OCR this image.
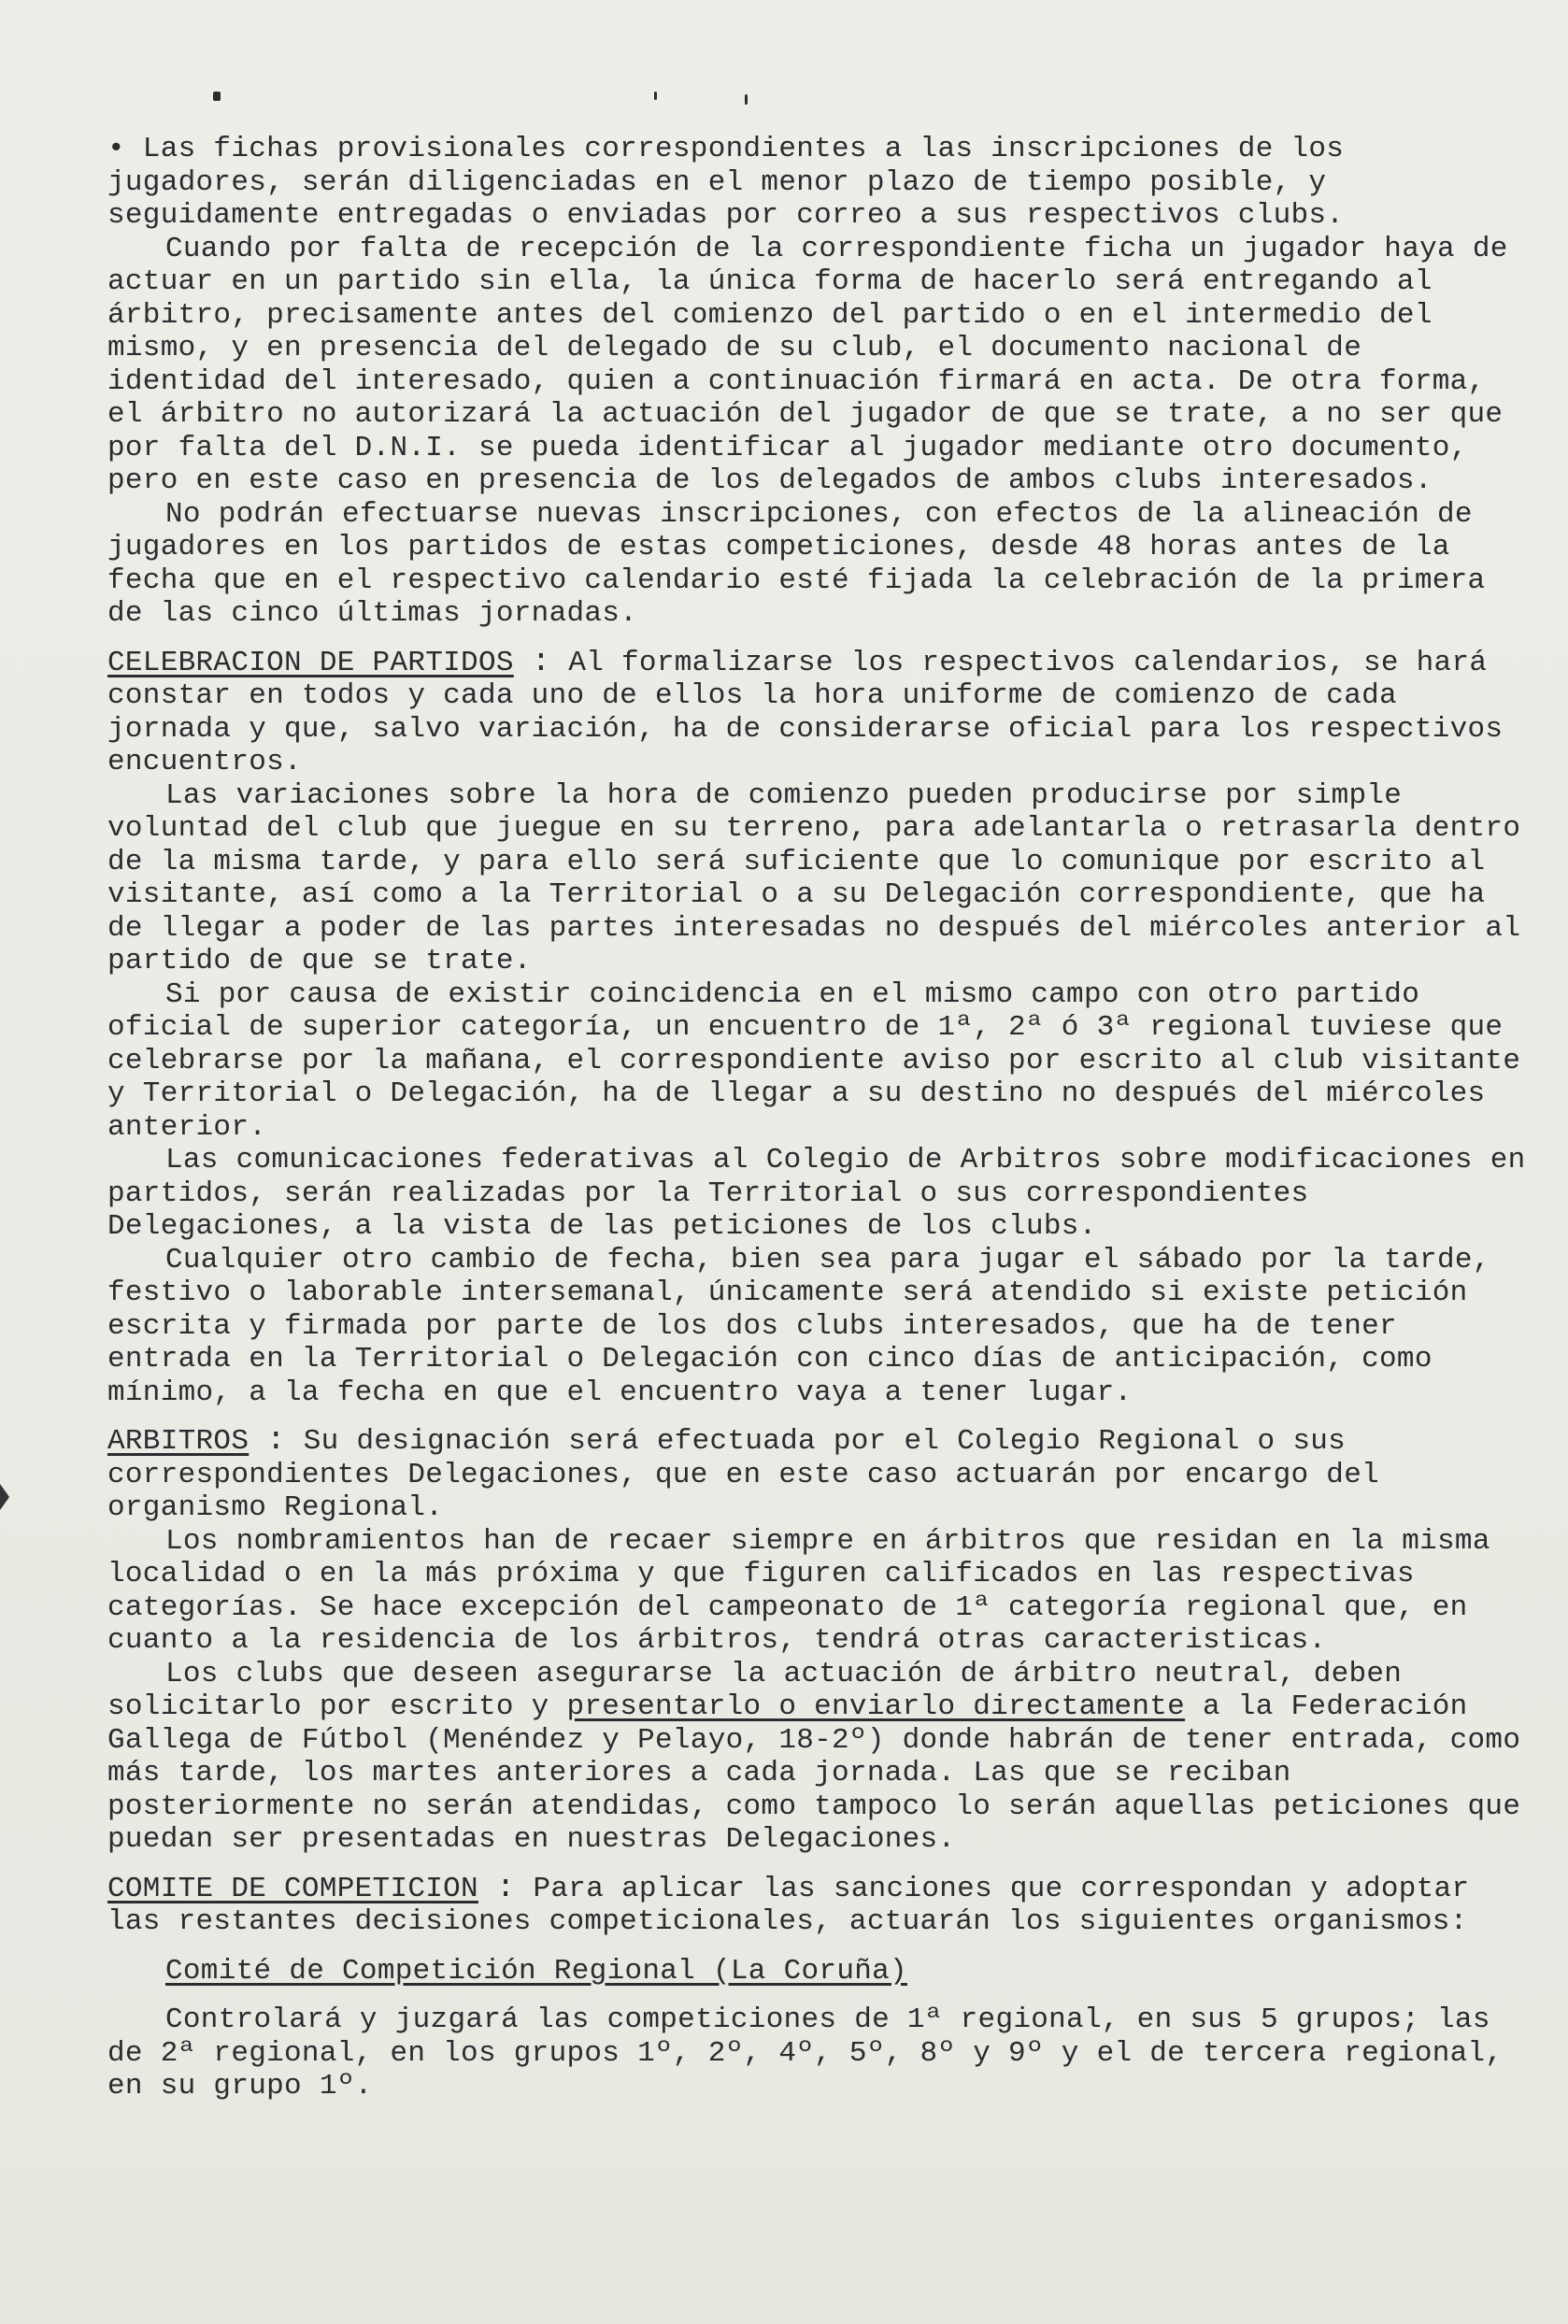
• Las fichas provisionales correspondientes a las inscripciones de los jugadores, serán diligenciadas en el menor plazo de tiempo posible, y seguidamente entregadas o enviadas por correo a sus respectivos clubs.

Cuando por falta de recepción de la correspondiente ficha un jugador haya de actuar en un partido sin ella, la única forma de hacerlo será entregando al árbitro, precisamente antes del comienzo del partido o en el intermedio del mismo, y en presencia del delegado de su club, el documento nacional de identidad del interesado, quien a continuación firmará en acta. De otra forma, el árbitro no autorizará la actuación del jugador de que se trate, a no ser que por falta del D.N.I. se pueda identificar al jugador mediante otro documento, pero en este caso en presencia de los delegados de ambos clubs interesados.

No podrán efectuarse nuevas inscripciones, con efectos de la alineación de jugadores en los partidos de estas competiciones, desde 48 horas antes de la fecha que en el respectivo calendario esté fijada la celebración de la primera de las cinco últimas jornadas.

CELEBRACION DE PARTIDOS : Al formalizarse los respectivos calendarios, se hará constar en todos y cada uno de ellos la hora uniforme de comienzo de cada jornada y que, salvo variación, ha de considerarse oficial para los respectivos encuentros.

Las variaciones sobre la hora de comienzo pueden producirse por simple voluntad del club que juegue en su terreno, para adelantarla o retrasarla dentro de la misma tarde, y para ello será suficiente que lo comunique por escrito al visitante, así como a la Territorial o a su Delegación correspondiente, que ha de llegar a poder de las partes interesadas no después del miércoles anterior al partido de que se trate.

Si por causa de existir coincidencia en el mismo campo con otro partido oficial de superior categoría, un encuentro de 1ª, 2ª ó 3ª regional tuviese que celebrarse por la mañana, el correspondiente aviso por escrito al club visitante y Territorial o Delegación, ha de llegar a su destino no después del miércoles anterior.

Las comunicaciones federativas al Colegio de Arbitros sobre modificaciones en partidos, serán realizadas por la Territorial o sus correspondientes Delegaciones, a la vista de las peticiones de los clubs.

Cualquier otro cambio de fecha, bien sea para jugar el sábado por la tarde, festivo o laborable intersemanal, únicamente será atendido si existe petición escrita y firmada por parte de los dos clubs interesados, que ha de tener entrada en la Territorial o Delegación con cinco días de anticipación, como mínimo, a la fecha en que el encuentro vaya a tener lugar.

ARBITROS : Su designación será efectuada por el Colegio Regional o sus correspondientes Delegaciones, que en este caso actuarán por encargo del organismo Regional.

Los nombramientos han de recaer siempre en árbitros que residan en la misma localidad o en la más próxima y que figuren calificados en las respectivas categorías. Se hace excepción del campeonato de 1ª categoría regional que, en cuanto a la residencia de los árbitros, tendrá otras caracteristicas.

Los clubs que deseen asegurarse la actuación de árbitro neutral, deben solicitarlo por escrito y presentarlo o enviarlo directamente a la Federación Gallega de Fútbol (Menéndez y Pelayo, 18-2º) donde habrán de tener entrada, como más tarde, los martes anteriores a cada jornada. Las que se reciban posteriormente no serán atendidas, como tampoco lo serán aquellas peticiones que puedan ser presentadas en nuestras Delegaciones.

COMITE DE COMPETICION : Para aplicar las sanciones que correspondan y adoptar las restantes decisiones competicionales, actuarán los siguientes organismos:

Comité de Competición Regional (La Coruña)

Controlará y juzgará las competiciones de 1ª regional, en sus 5 grupos; las de 2ª regional, en los grupos 1º, 2º, 4º, 5º, 8º y 9º y el de tercera regional, en su grupo 1º.
